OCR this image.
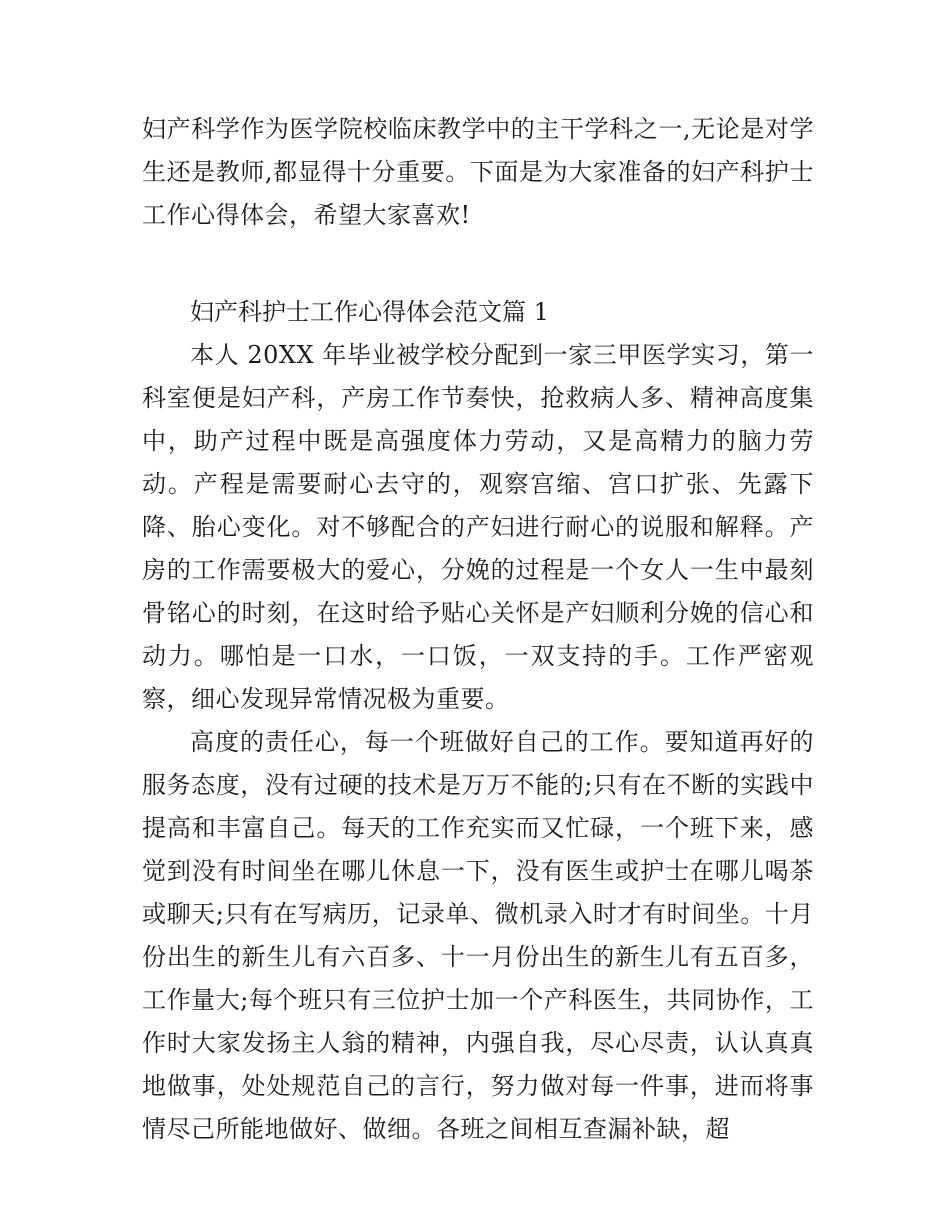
妇产科学作为医学院校临床教学中的主干学科之一,无论是对学生还是教师,都显得十分重要。下面是为大家准备的妇产科护士工作心得体会，希望大家喜欢!

妇产科护士工作心得体会范文篇 1

本人 20XX 年毕业被学校分配到一家三甲医学实习，第一科室便是妇产科，产房工作节奏快，抢救病人多、精神高度集中，助产过程中既是高强度体力劳动，又是高精力的脑力劳动。产程是需要耐心去守的，观察宫缩、宫口扩张、先露下降、胎心变化。对不够配合的产妇进行耐心的说服和解释。产房的工作需要极大的爱心，分娩的过程是一个女人一生中最刻骨铭心的时刻，在这时给予贴心关怀是产妇顺利分娩的信心和动力。哪怕是一口水，一口饭，一双支持的手。工作严密观察，细心发现异常情况极为重要。

高度的责任心，每一个班做好自己的工作。要知道再好的服务态度，没有过硬的技术是万万不能的;只有在不断的实践中提高和丰富自己。每天的工作充实而又忙碌，一个班下来，感觉到没有时间坐在哪儿休息一下，没有医生或护士在哪儿喝茶或聊天;只有在写病历，记录单、微机录入时才有时间坐。十月份出生的新生儿有六百多、十一月份出生的新生儿有五百多，工作量大;每个班只有三位护士加一个产科医生，共同协作，工作时大家发扬主人翁的精神，内强自我，尽心尽责，认认真真地做事，处处规范自己的言行，努力做对每一件事，进而将事情尽己所能地做好、做细。各班之间相互查漏补缺，超
